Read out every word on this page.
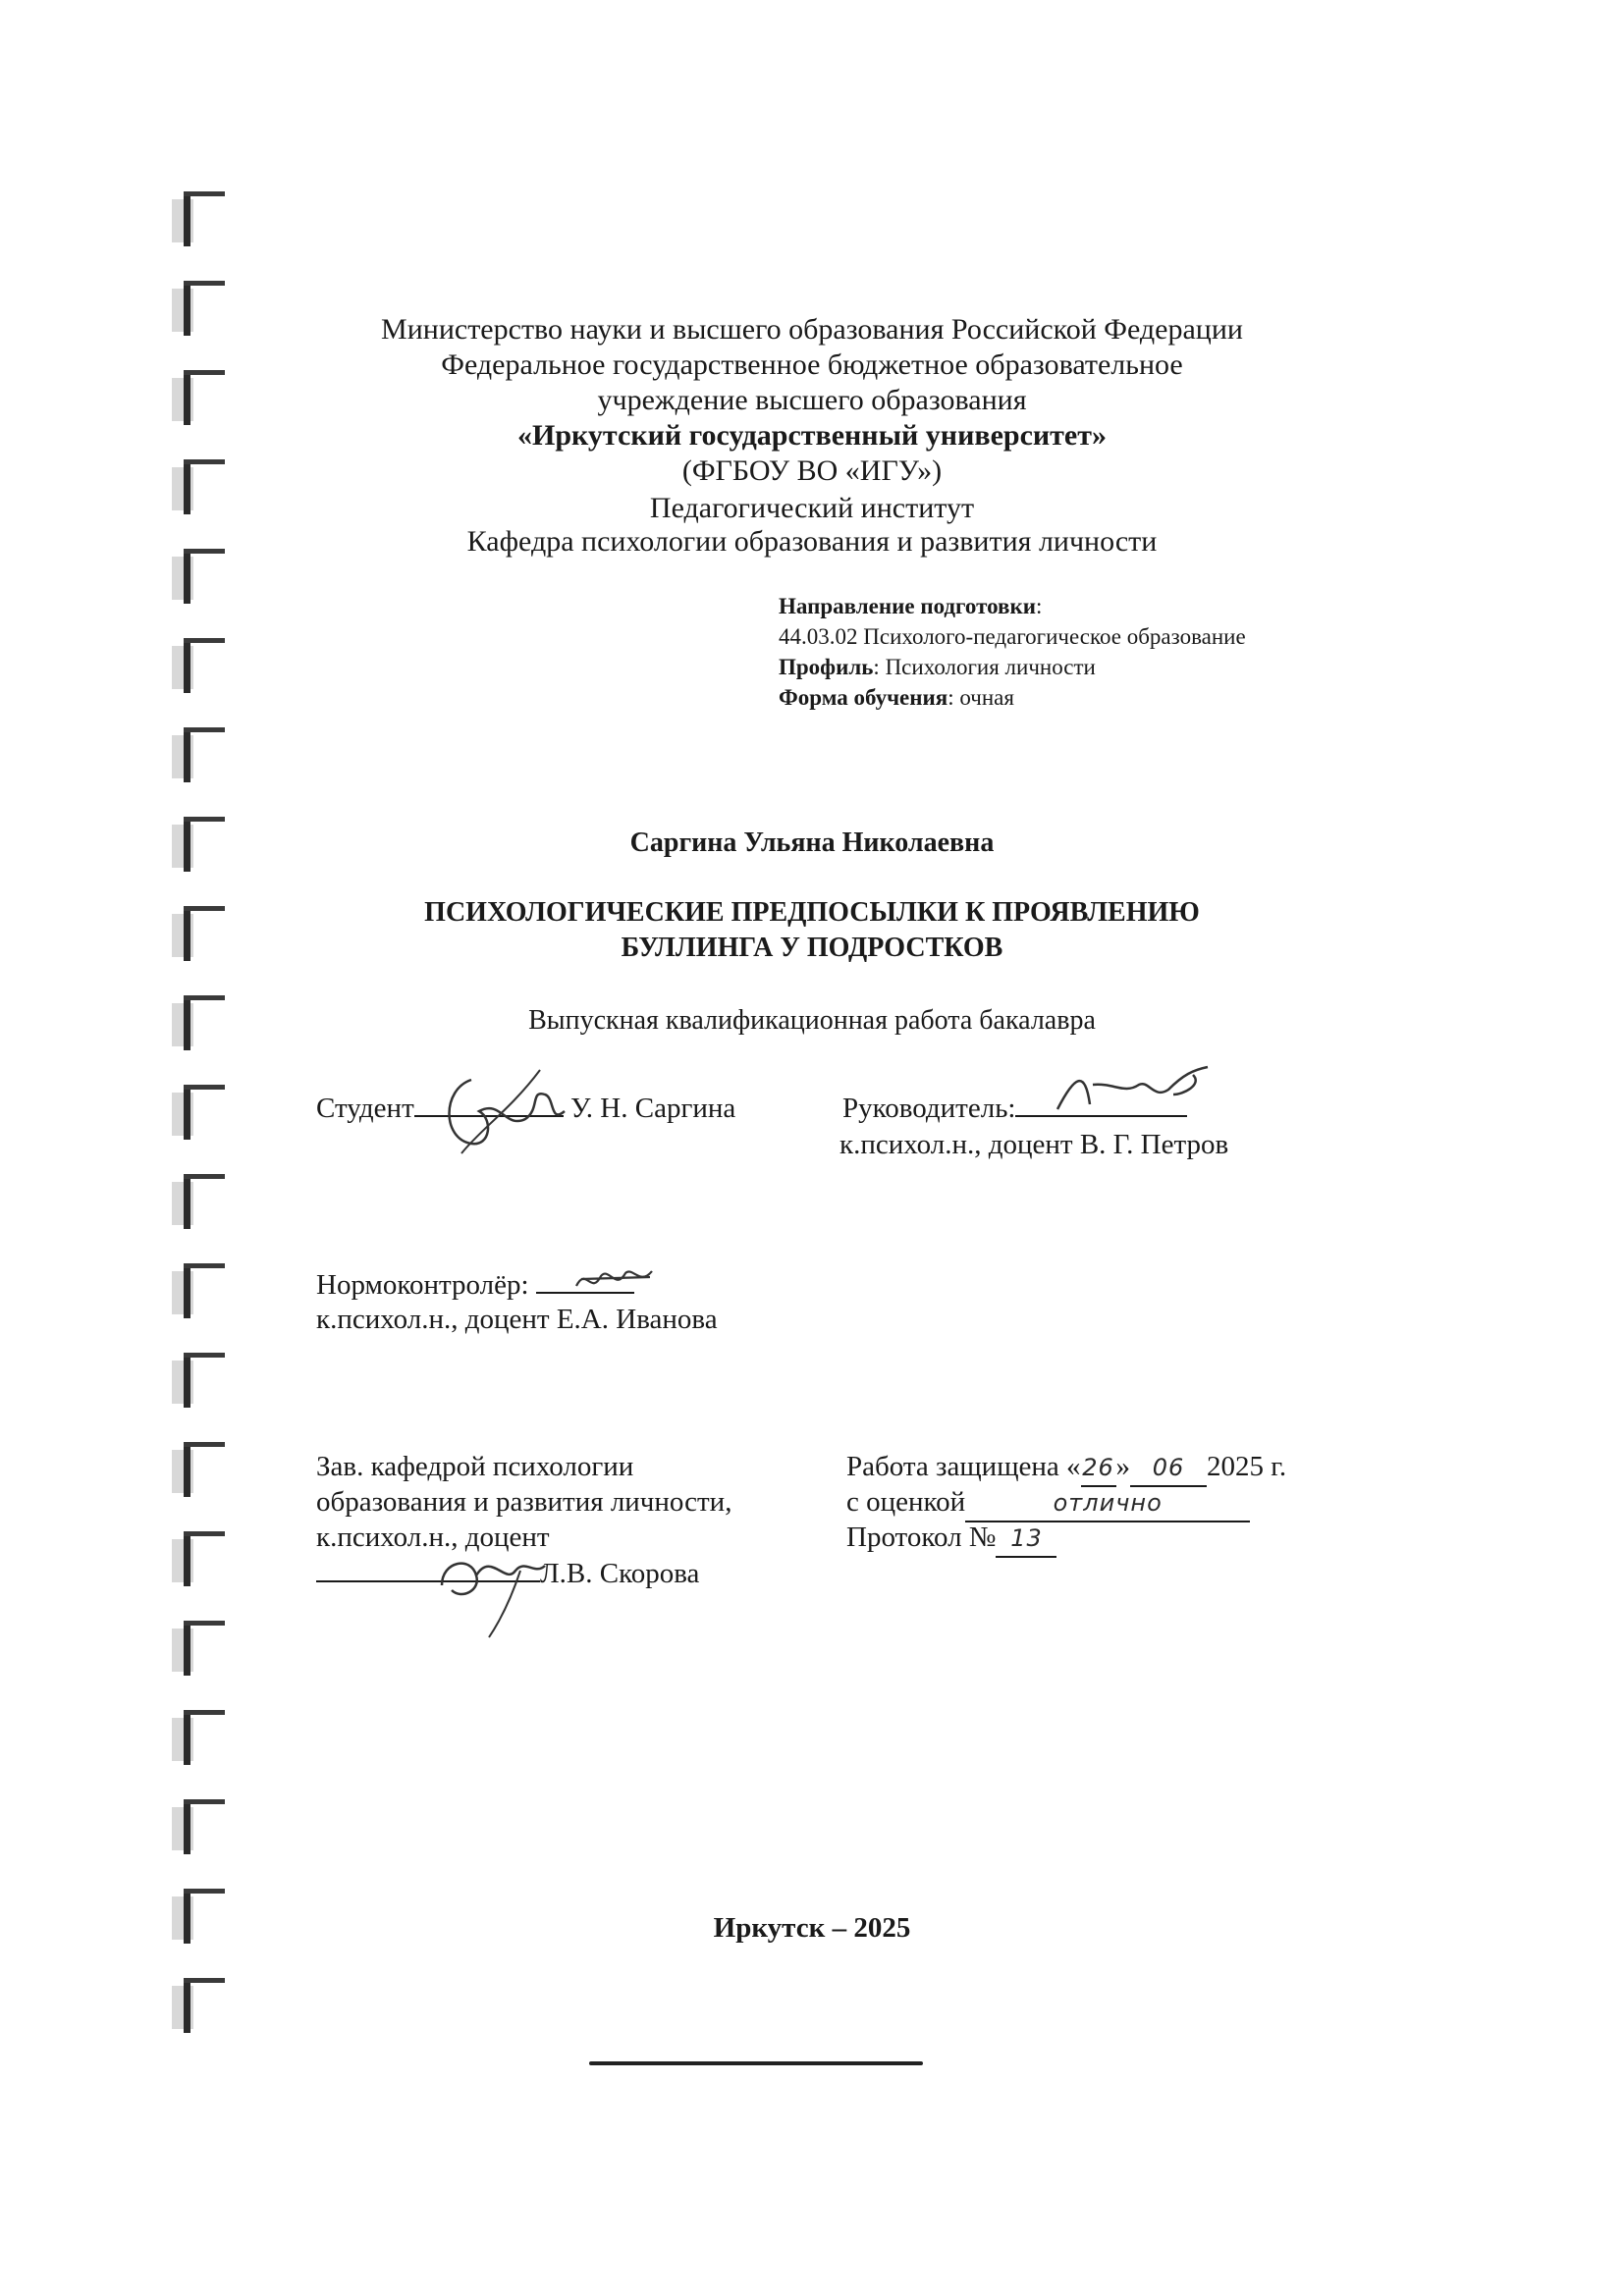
Министерство науки и высшего образования Российской Федерации
Федеральное государственное бюджетное образовательное
учреждение высшего образования
«Иркутский государственный университет»
(ФГБОУ ВО «ИГУ»)
Педагогический институт
Кафедра психологии образования и развития личности
Направление подготовки:
44.03.02 Психолого-педагогическое образование
Профиль: Психология личности
Форма обучения: очная
Саргина Ульяна Николаевна
ПСИХОЛОГИЧЕСКИЕ ПРЕДПОСЫЛКИ К ПРОЯВЛЕНИЮ
БУЛЛИНГА У ПОДРОСТКОВ
Выпускная квалификационная работа бакалавра
Студент	У. Н. Саргина	Руководитель:
к.психол.н., доцент В. Г. Петров
Нормоконтролёр:
к.психол.н., доцент Е.А. Иванова
Зав. кафедрой психологии
образования и развития личности,
к.психол.н., доцент
Л.В. Скорова
Работа защищена «26» 06 2025 г.
с оценкой	отлично
Протокол № 13
Иркутск – 2025
